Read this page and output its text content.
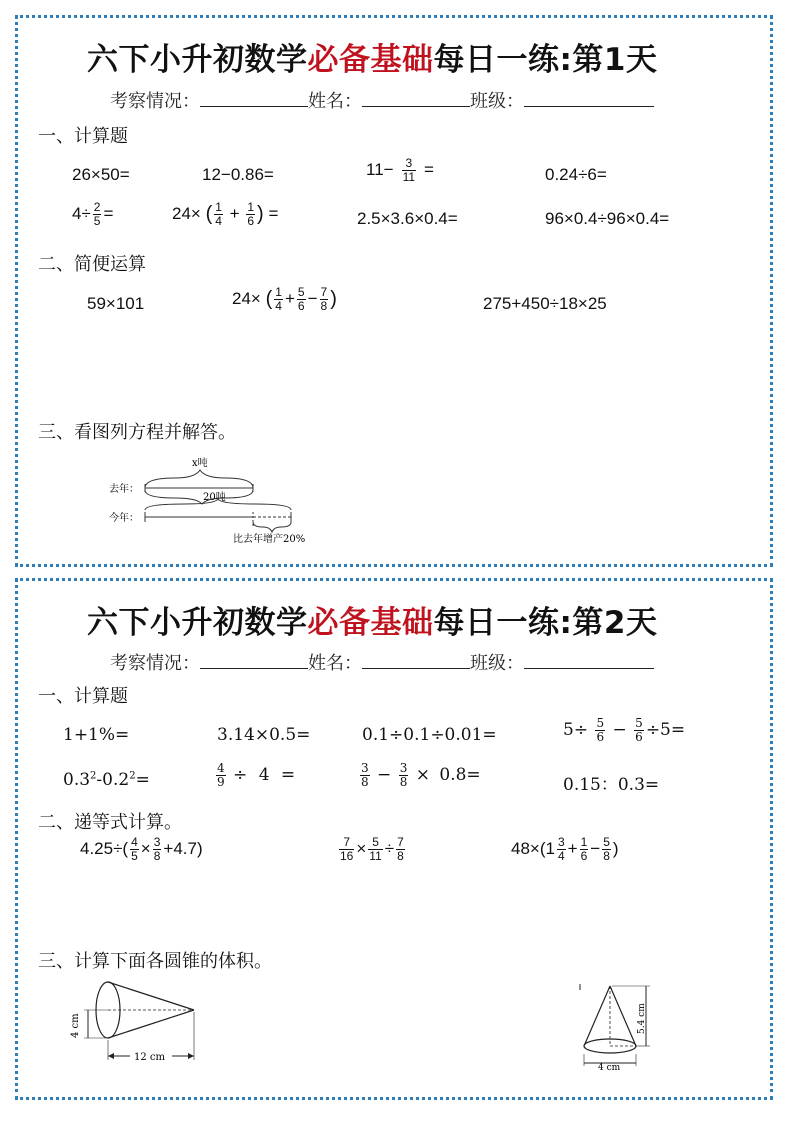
六下小升初数学必备基础每日一练:第1天
考察情况：	姓名：	班级：
一、计算题
26×50=	12−0.86=	$11- \frac{3}{11}$ =	0.24÷6=
$4\div \frac{2}{5}$ =	24× ( $\frac{1}{4} + \frac{1}{6}$ ) =	2.5×3.6×0.4=	96×0.4÷96×0.4=
二、简便运算
59×101	24× ( $\frac{1}{4} + \frac{5}{6} - \frac{7}{8}$ )	275+450÷18×25
三、看图列方程并解答。
x吨
去年：
20吨
今年：
比去年增产20%
六下小升初数学必备基础每日一练:第2天
考察情况：	姓名：	班级：
一、计算题
1+1%=	3.14×0.5=	0.1÷0.1÷0.01=	$5\div \frac{5}{6} - \frac{5}{6} \div 5=$
$0.3^2-0.2^2=$	$\frac{4}{9} \div 4$ =	$\frac{3}{8} - \frac{3}{8} \times 0.8=$	0.15：0.3=
二、递等式计算。
$4.25\div( \frac{4}{5} \times \frac{3}{8} +4.7)$	$\frac{7}{16} \times \frac{5}{11} \div \frac{7}{8}$	$48\times(1 \frac{3}{4} + \frac{1}{6} - \frac{5}{8}$ )
三、计算下面各圆锥的体积。
4 cm
12 cm
5.4 cm
4 cm
